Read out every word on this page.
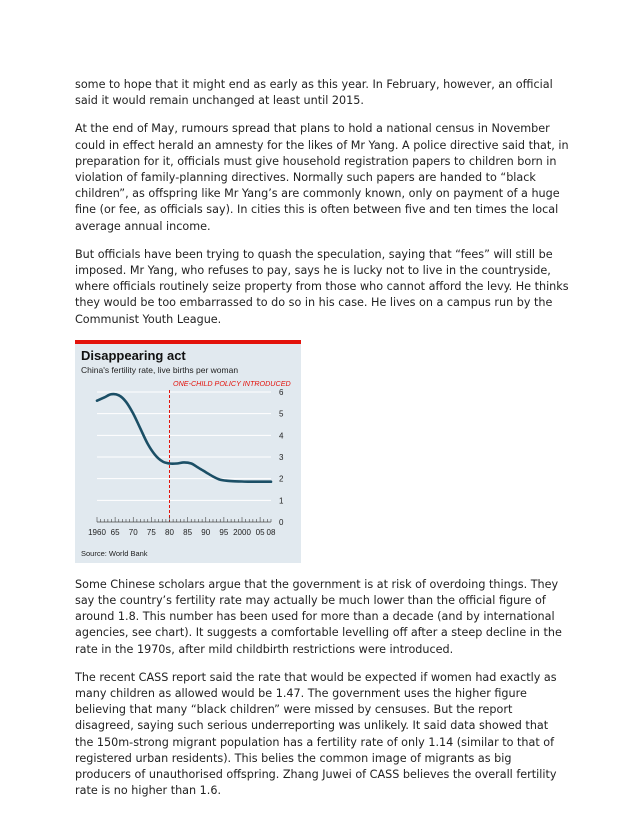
some to hope that it might end as early as this year. In February, however, an official said it would remain unchanged at least until 2015.

At the end of May, rumours spread that plans to hold a national census in November could in effect herald an amnesty for the likes of Mr Yang. A police directive said that, in preparation for it, officials must give household registration papers to children born in violation of family-planning directives. Normally such papers are handed to “black children”, as offspring like Mr Yang’s are commonly known, only on payment of a huge fine (or fee, as officials say). In cities this is often between five and ten times the local average annual income.

But officials have been trying to quash the speculation, saying that “fees” will still be imposed. Mr Yang, who refuses to pay, says he is lucky not to live in the countryside, where officials routinely seize property from those who cannot afford the levy. He thinks they would be too embarrassed to do so in his case. He lives on a campus run by the Communist Youth League.

Disappearing act
China's fertility rate, live births per woman
ONE-CHILD POLICY INTRODUCED
0
1
2
3
4
5
6
1960 65 70 75 80 85 90 95 2000 05 08
Source: World Bank

Some Chinese scholars argue that the government is at risk of overdoing things. They say the country’s fertility rate may actually be much lower than the official figure of around 1.8. This number has been used for more than a decade (and by international agencies, see chart). It suggests a comfortable levelling off after a steep decline in the rate in the 1970s, after mild childbirth restrictions were introduced.

The recent CASS report said the rate that would be expected if women had exactly as many children as allowed would be 1.47. The government uses the higher figure believing that many “black children” were missed by censuses. But the report disagreed, saying such serious underreporting was unlikely. It said data showed that the 150m-strong migrant population has a fertility rate of only 1.14 (similar to that of registered urban residents). This belies the common image of migrants as big producers of unauthorised offspring. Zhang Juwei of CASS believes the overall fertility rate is no higher than 1.6.
